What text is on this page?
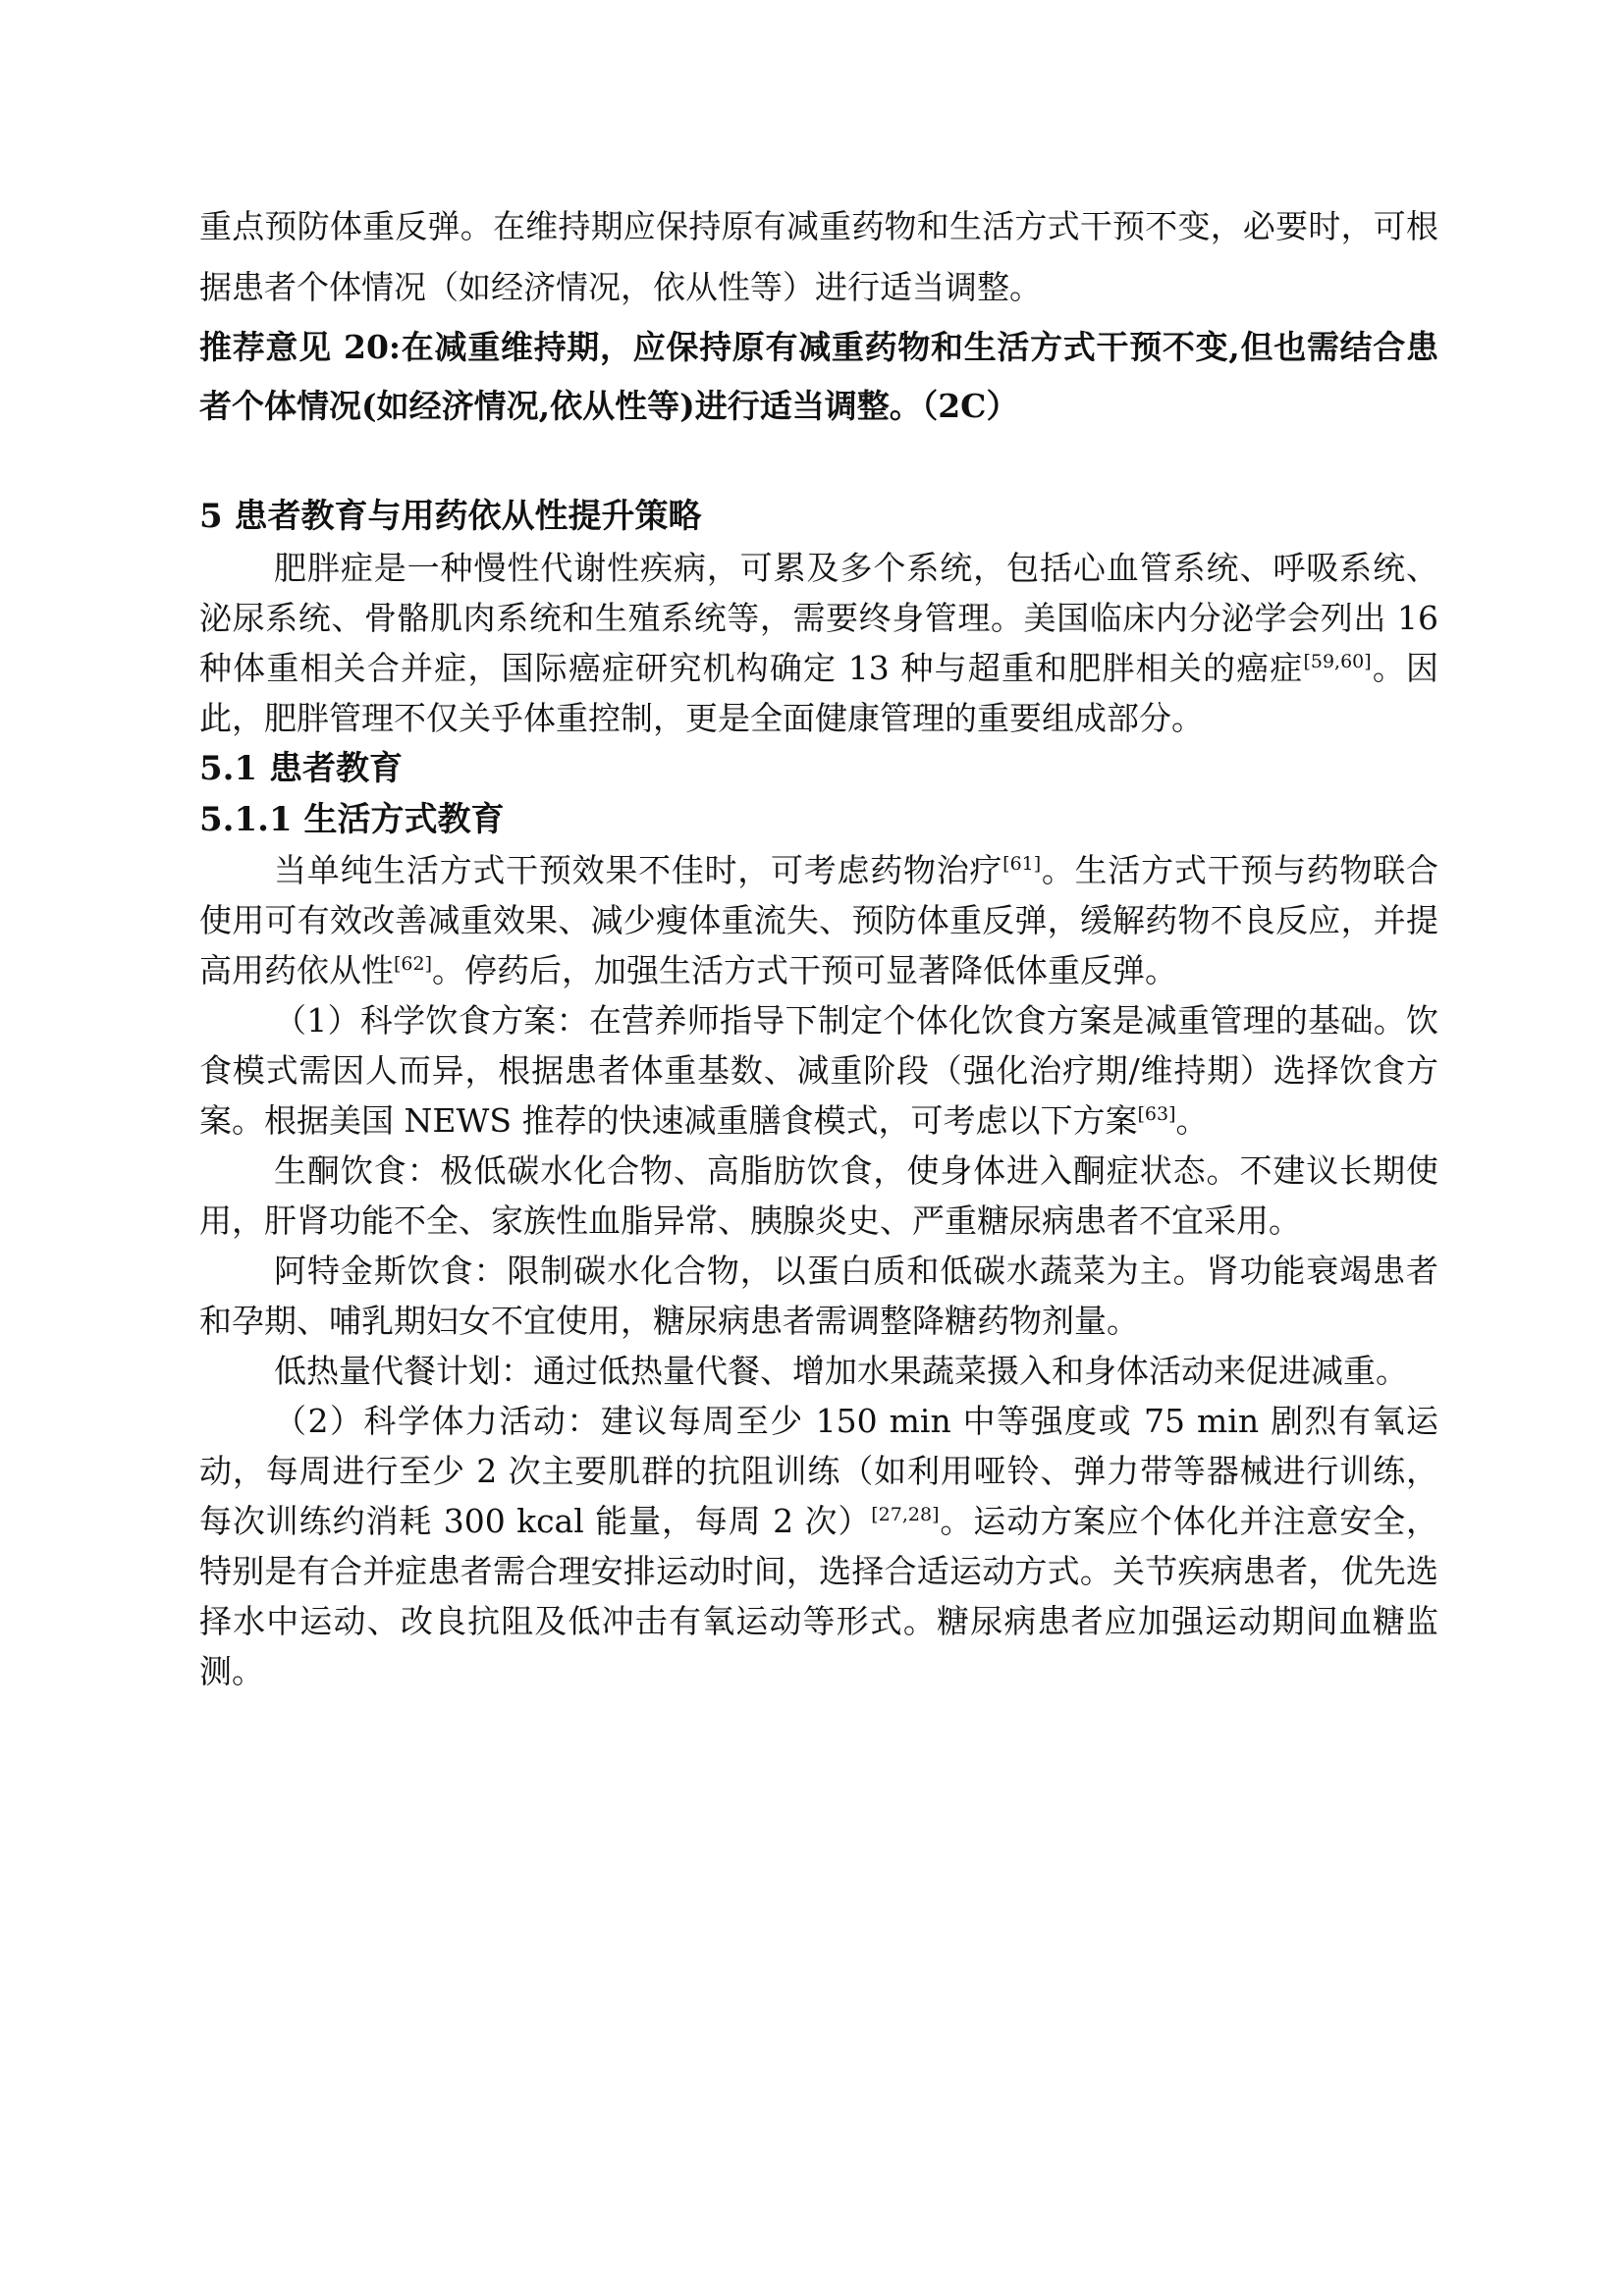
重点预防体重反弹。在维持期应保持原有减重药物和生活方式干预不变，必要时，可根据患者个体情况（如经济情况，依从性等）进行适当调整。

推荐意见 20:在减重维持期，应保持原有减重药物和生活方式干预不变,但也需结合患者个体情况(如经济情况,依从性等)进行适当调整。（2C）

5 患者教育与用药依从性提升策略

肥胖症是一种慢性代谢性疾病，可累及多个系统，包括心血管系统、呼吸系统、泌尿系统、骨骼肌肉系统和生殖系统等，需要终身管理。美国临床内分泌学会列出 16 种体重相关合并症，国际癌症研究机构确定 13 种与超重和肥胖相关的癌症[59,60]。因此，肥胖管理不仅关乎体重控制，更是全面健康管理的重要组成部分。

5.1 患者教育
5.1.1 生活方式教育

当单纯生活方式干预效果不佳时，可考虑药物治疗[61]。生活方式干预与药物联合使用可有效改善减重效果、减少瘦体重流失、预防体重反弹，缓解药物不良反应，并提高用药依从性[62]。停药后，加强生活方式干预可显著降低体重反弹。

（1）科学饮食方案：在营养师指导下制定个体化饮食方案是减重管理的基础。饮食模式需因人而异，根据患者体重基数、减重阶段（强化治疗期/维持期）选择饮食方案。根据美国 NEWS 推荐的快速减重膳食模式，可考虑以下方案[63]。

生酮饮食：极低碳水化合物、高脂肪饮食，使身体进入酮症状态。不建议长期使用，肝肾功能不全、家族性血脂异常、胰腺炎史、严重糖尿病患者不宜采用。

阿特金斯饮食：限制碳水化合物，以蛋白质和低碳水蔬菜为主。肾功能衰竭患者和孕期、哺乳期妇女不宜使用，糖尿病患者需调整降糖药物剂量。

低热量代餐计划：通过低热量代餐、增加水果蔬菜摄入和身体活动来促进减重。

（2）科学体力活动：建议每周至少 150 min 中等强度或 75 min 剧烈有氧运动，每周进行至少 2 次主要肌群的抗阻训练（如利用哑铃、弹力带等器械进行训练，每次训练约消耗 300 kcal 能量，每周 2 次）[27,28]。运动方案应个体化并注意安全，特别是有合并症患者需合理安排运动时间，选择合适运动方式。关节疾病患者，优先选择水中运动、改良抗阻及低冲击有氧运动等形式。糖尿病患者应加强运动期间血糖监测。
